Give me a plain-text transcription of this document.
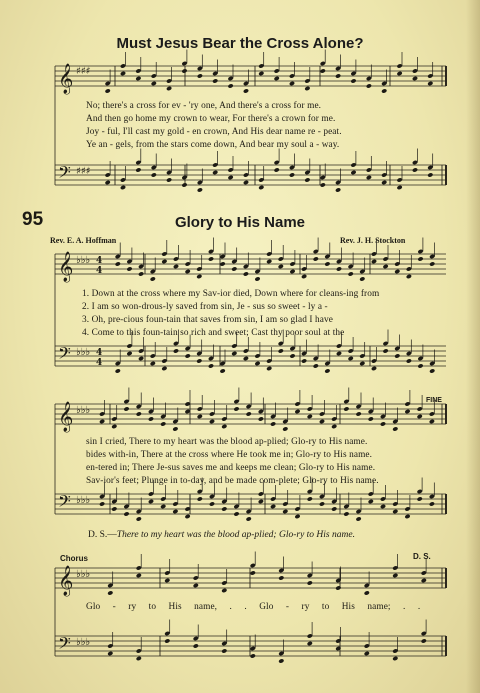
𝄞
𝄢
𝄞
𝄢
𝄞
𝄢
𝄞
𝄢
♯♯♯
♯♯♯
♭♭♭
♭♭♭
♭♭♭
♭♭♭
♭♭♭
♭♭♭
4
4
4
4
Must Jesus Bear the Cross Alone?
No; there's a cross for ev - 'ry one, And there's a cross for me.
And then go home my crown to wear, For there's a crown for me.
Joy - ful, I'll cast my gold - en crown, And His dear name re - peat.
Ye an - gels, from the stars come down, And bear my soul a - way.
95	Glory to His Name
Rev. E. A. Hoffman	Rev. J. H. Stockton
1. Down at the cross where my Sav-ior died, Down where for cleans-ing from
2. I am so won-drous-ly saved from sin, Je - sus so sweet - ly a -
3. Oh, pre-cious foun-tain that saves from sin, I am so glad I have
4. Come to this foun-tain so rich and sweet; Cast thy poor soul at the
FINE
sin I cried, There to my heart was the blood ap-plied; Glo-ry to His name.
bides with-in, There at the cross where He took me in; Glo-ry to His name.
en-tered in; There Je-sus saves me and keeps me clean; Glo-ry to His name.
Sav-ior's feet; Plunge in to-day, and be made com-plete; Glo-ry to His name.
D. S.—There to my heart was the blood ap-plied; Glo-ry to His name.
Chorus	D. S.
Glo - ry to His name, . . Glo - ry to His name; . .
